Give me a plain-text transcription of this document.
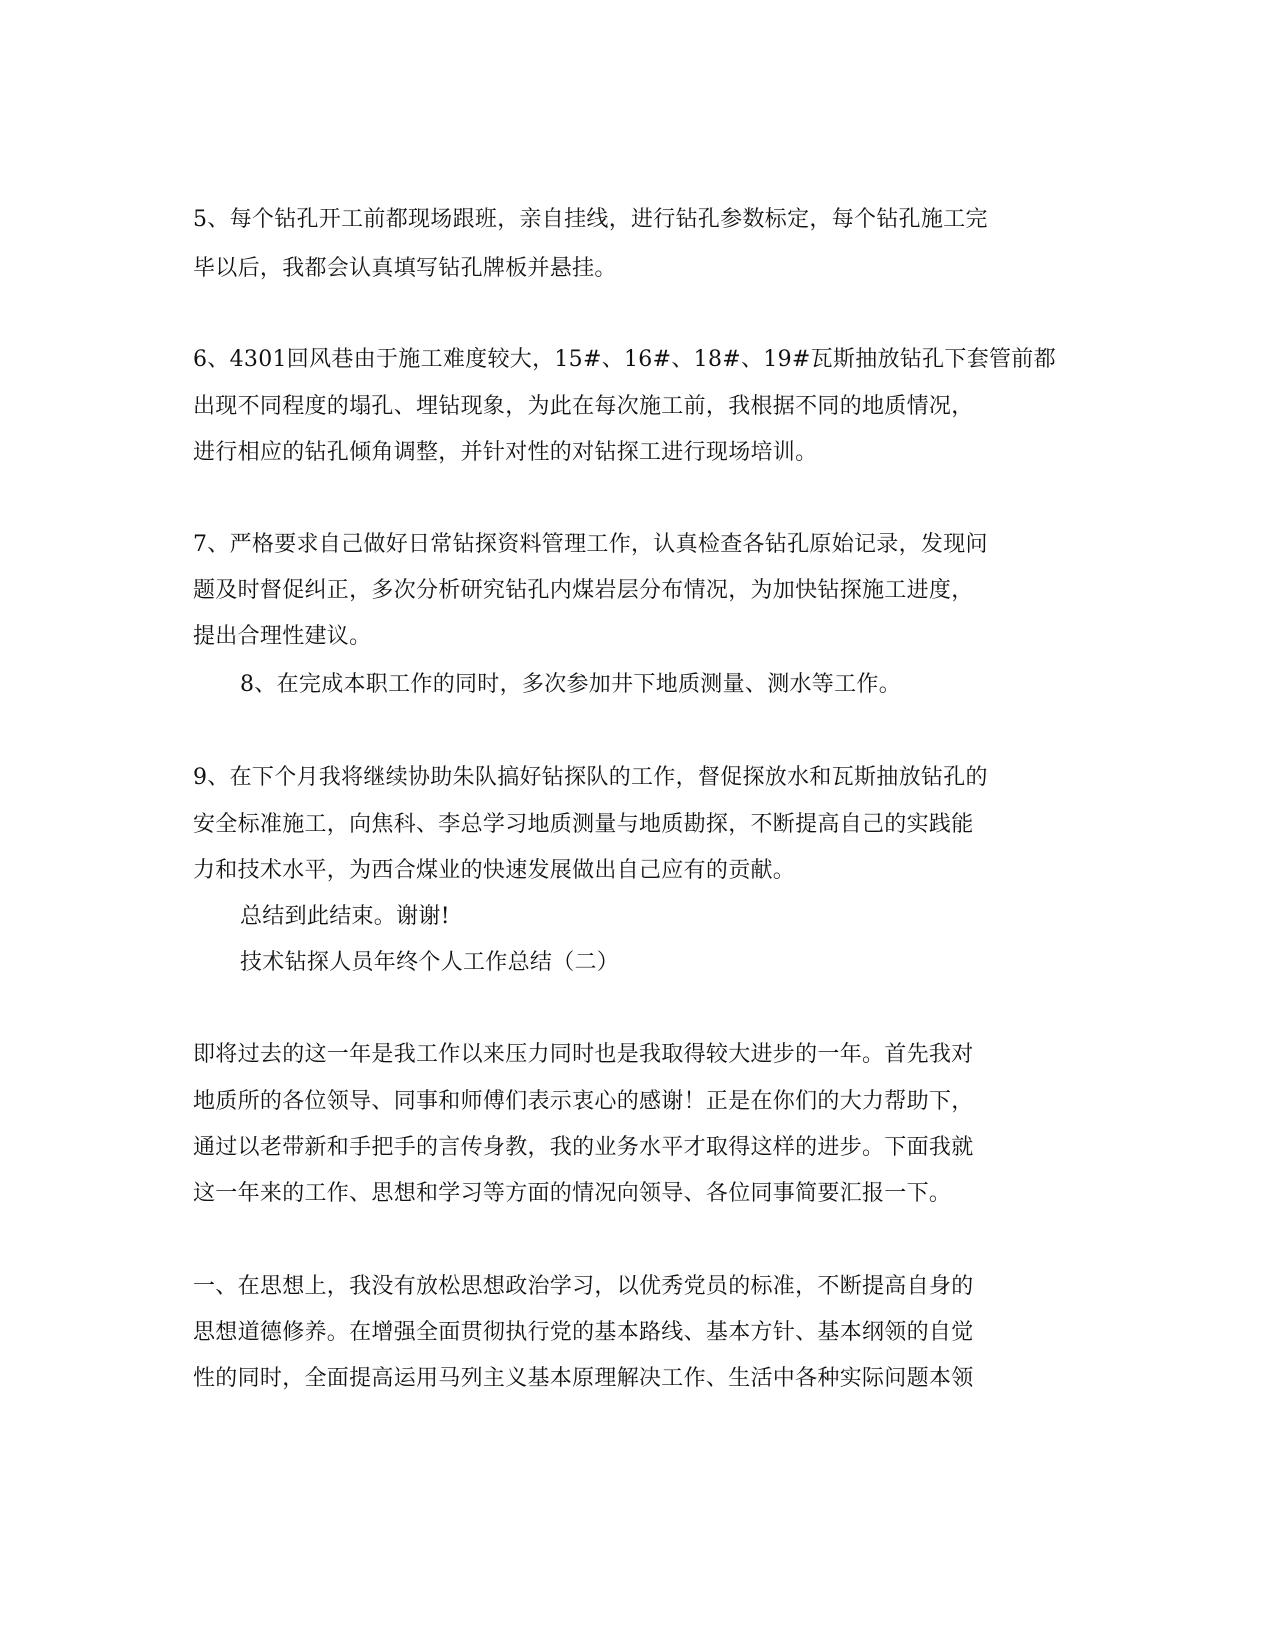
5、每个钻孔开工前都现场跟班，亲自挂线，进行钻孔参数标定，每个钻孔施工完
毕以后，我都会认真填写钻孔牌板并悬挂。
6、4301回风巷由于施工难度较大，15#、16#、18#、19#瓦斯抽放钻孔下套管前都
出现不同程度的塌孔、埋钻现象，为此在每次施工前，我根据不同的地质情况，
进行相应的钻孔倾角调整，并针对性的对钻探工进行现场培训。
7、严格要求自己做好日常钻探资料管理工作，认真检查各钻孔原始记录，发现问
题及时督促纠正，多次分析研究钻孔内煤岩层分布情况，为加快钻探施工进度，
提出合理性建议。
8、在完成本职工作的同时，多次参加井下地质测量、测水等工作。
9、在下个月我将继续协助朱队搞好钻探队的工作，督促探放水和瓦斯抽放钻孔的
安全标准施工，向焦科、李总学习地质测量与地质勘探，不断提高自己的实践能
力和技术水平，为西合煤业的快速发展做出自己应有的贡献。
总结到此结束。谢谢!
技术钻探人员年终个人工作总结（二）
即将过去的这一年是我工作以来压力同时也是我取得较大进步的一年。首先我对
地质所的各位领导、同事和师傅们表示衷心的感谢！正是在你们的大力帮助下，
通过以老带新和手把手的言传身教，我的业务水平才取得这样的进步。下面我就
这一年来的工作、思想和学习等方面的情况向领导、各位同事简要汇报一下。
一、在思想上，我没有放松思想政治学习，以优秀党员的标准，不断提高自身的
思想道德修养。在增强全面贯彻执行党的基本路线、基本方针、基本纲领的自觉
性的同时，全面提高运用马列主义基本原理解决工作、生活中各种实际问题本领
